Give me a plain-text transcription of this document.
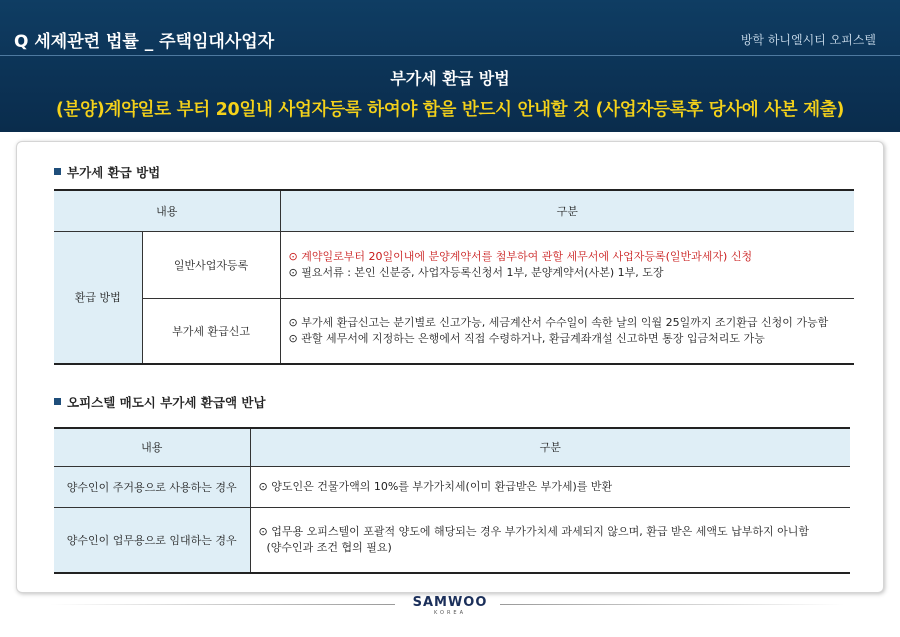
Q 세제관련 법률 _ 주택임대사업자	방학 하니엘시티 오피스텔
부가세 환급 방법
(분양)계약일로 부터 20일내 사업자등록 하여야 함을 반드시 안내할 것 (사업자등록후 당사에 사본 제출)
부가세 환급 방법
내용		구분
환급 방법	일반사업자등록	⊙ 계약일로부터 20일이내에 분양계약서를 첨부하여 관할 세무서에 사업자등록(일반과세자) 신청
⊙ 필요서류 : 본인 신분증, 사업자등록신청서 1부, 분양계약서(사본) 1부, 도장

	부가세 환급신고	⊙ 부가세 환급신고는 분기별로 신고가능, 세금계산서 수수일이 속한 날의 익월 25일까지 조기환급 신청이 가능함
⊙ 관할 세무서에 지정하는 은행에서 직접 수령하거나, 환급계좌개설 신고하면 통장 입금처리도 가능
오피스텔 매도시 부가세 환급액 반납
내용	구분
양수인이 주거용으로 사용하는 경우	⊙ 양도인은 건물가액의 10%를 부가가치세(이미 환급받은 부가세)를 반환

양수인이 업무용으로 임대하는 경우	⊙ 업무용 오피스텔이 포괄적 양도에 해당되는 경우 부가가치세 과세되지 않으며, 환급 받은 세액도 납부하지 아니함
(양수인과 조건 협의 필요)
SAMWOO
KOREA
